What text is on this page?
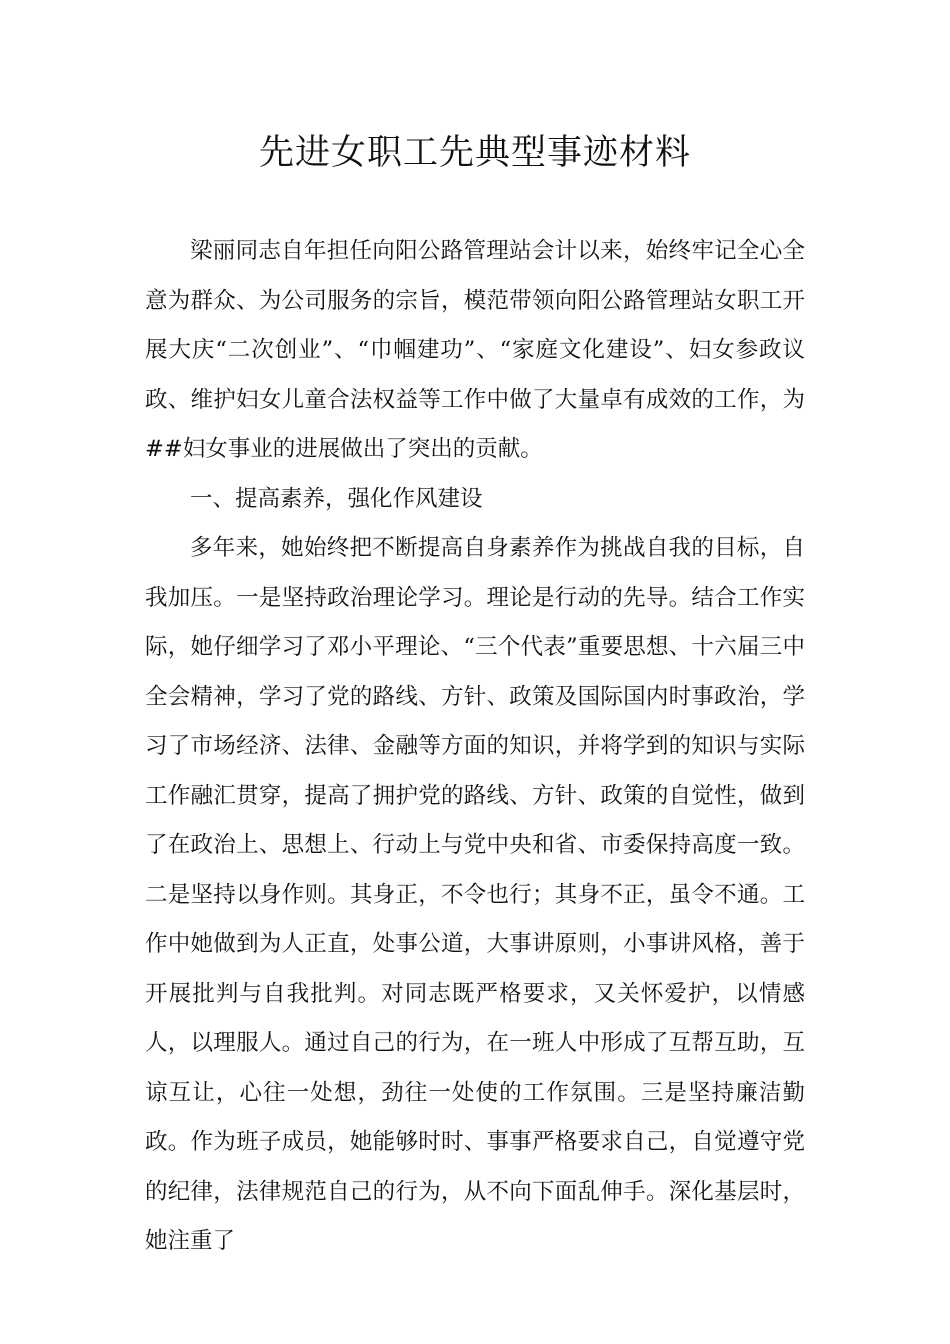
先进女职工先典型事迹材料

梁丽同志自年担任向阳公路管理站会计以来，始终牢记全心全意为群众、为公司服务的宗旨，模范带领向阳公路管理站女职工开展大庆“二次创业”、“巾帼建功”、“家庭文化建设”、妇女参政议政、维护妇女儿童合法权益等工作中做了大量卓有成效的工作，为##妇女事业的进展做出了突出的贡献。

一、提高素养，强化作风建设

多年来，她始终把不断提高自身素养作为挑战自我的目标，自我加压。一是坚持政治理论学习。理论是行动的先导。结合工作实际，她仔细学习了邓小平理论、“三个代表”重要思想、十六届三中全会精神，学习了党的路线、方针、政策及国际国内时事政治，学习了市场经济、法律、金融等方面的知识，并将学到的知识与实际工作融汇贯穿，提高了拥护党的路线、方针、政策的自觉性，做到了在政治上、思想上、行动上与党中央和省、市委保持高度一致。二是坚持以身作则。其身正，不令也行；其身不正，虽令不通。工作中她做到为人正直，处事公道，大事讲原则，小事讲风格，善于开展批判与自我批判。对同志既严格要求，又关怀爱护，以情感人，以理服人。通过自己的行为，在一班人中形成了互帮互助，互谅互让，心往一处想，劲往一处使的工作氛围。三是坚持廉洁勤政。作为班子成员，她能够时时、事事严格要求自己，自觉遵守党的纪律，法律规范自己的行为，从不向下面乱伸手。深化基层时，她注重了
